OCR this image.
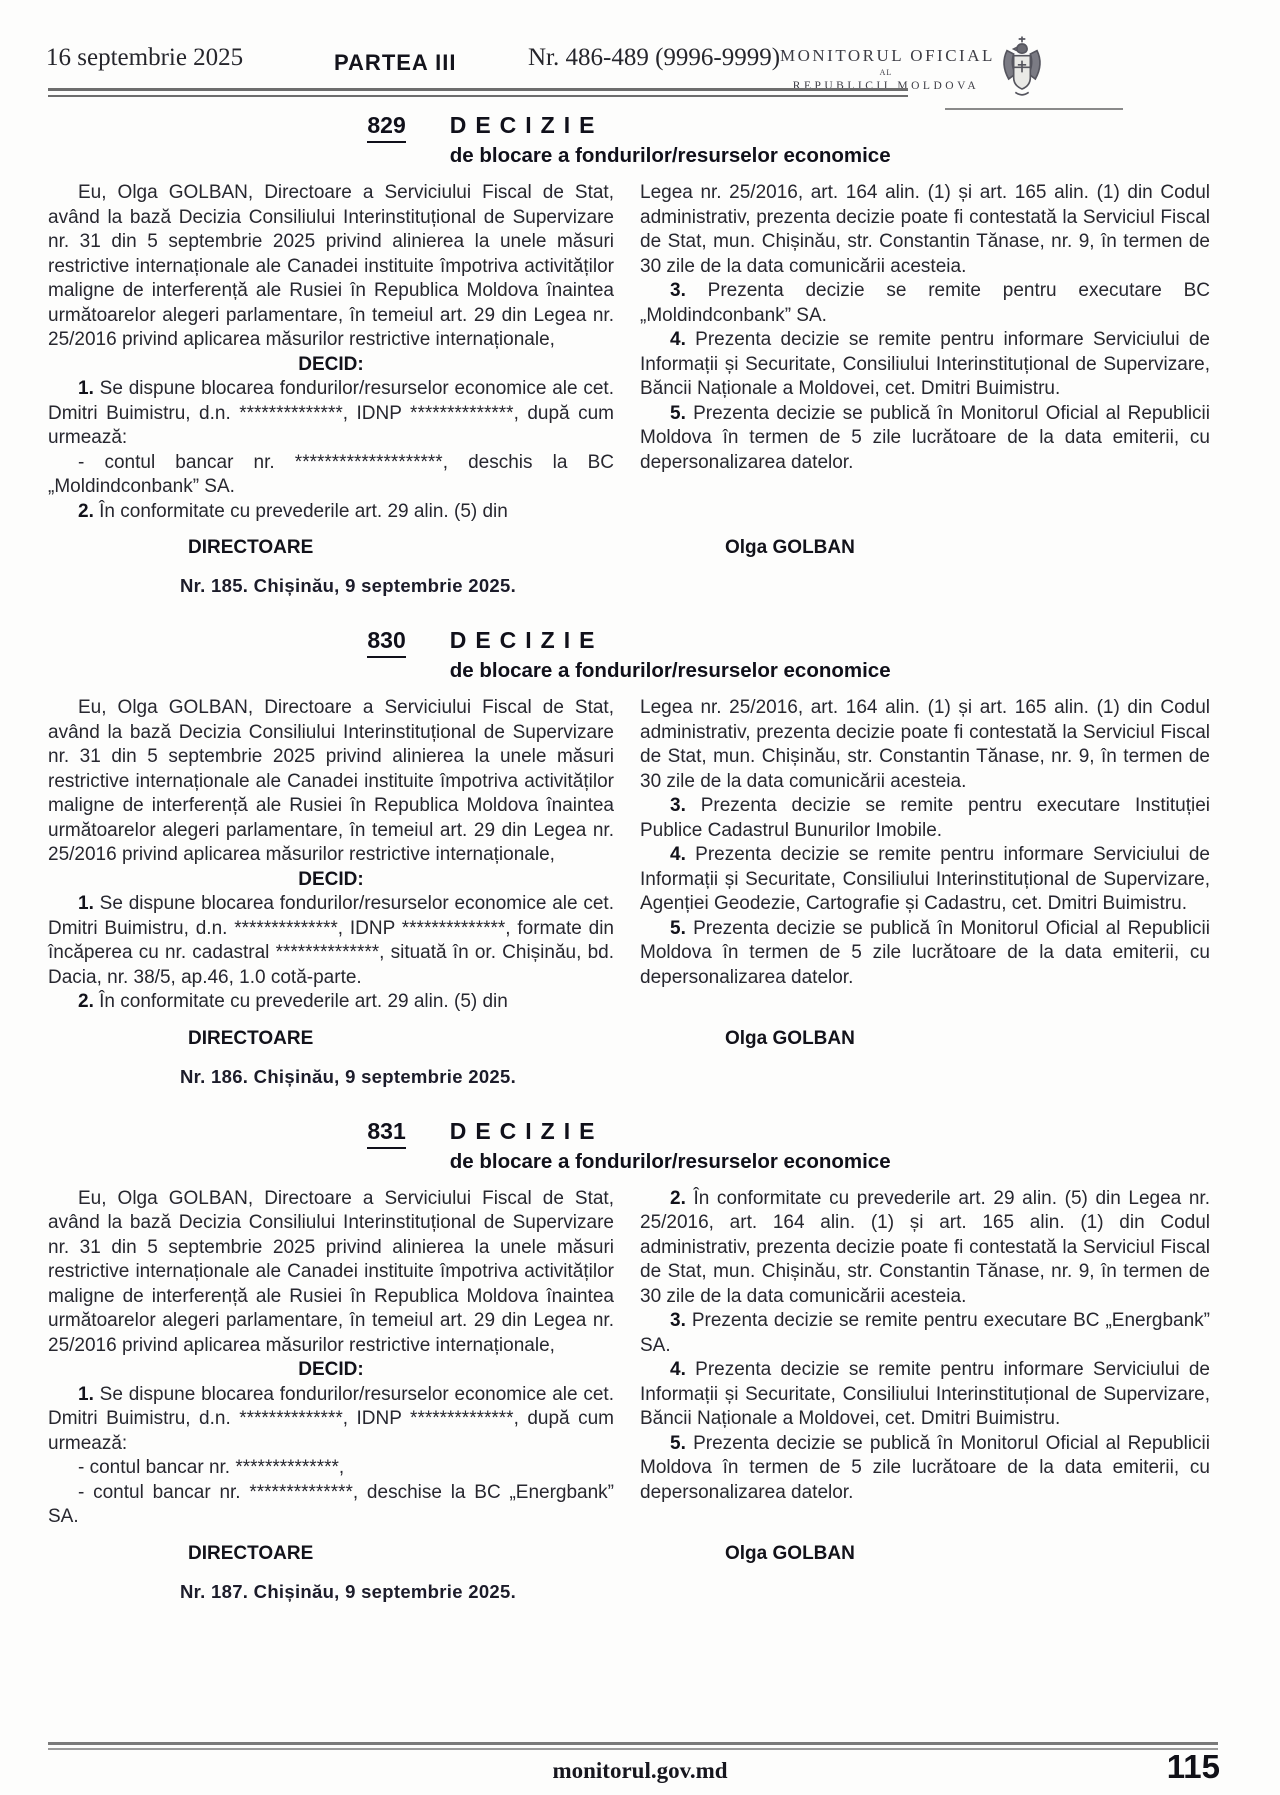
16 septembrie 2025	PARTEA III	Nr. 486-489 (9996-9999) MONITORUL OFICIAL
AL
REPUBLICII MOLDOVA
829 DECIZIE
de blocare a fondurilor/resurselor economice

Eu, Olga GOLBAN, Directoare a Serviciului Fiscal de Stat, având la bază Decizia Consiliului Interinstituțional de Supervizare nr. 31 din 5 septembrie 2025 privind alinierea la unele măsuri restrictive internaționale ale Canadei instituite împotriva activităților maligne de interferență ale Rusiei în Republica Moldova înaintea următoarelor alegeri parlamentare, în temeiul art. 29 din Legea nr. 25/2016 privind aplicarea măsurilor restrictive internaționale,

DECID:

1. Se dispune blocarea fondurilor/resurselor economice ale cet. Dmitri Buimistru, d.n. **************, IDNP **************, după cum urmează:

- contul bancar nr. ********************, deschis la BC „Moldindconbank” SA.

2. În conformitate cu prevederile art. 29 alin. (5) din

Legea nr. 25/2016, art. 164 alin. (1) și art. 165 alin. (1) din Codul administrativ, prezenta decizie poate fi contestată la Serviciul Fiscal de Stat, mun. Chișinău, str. Constantin Tănase, nr. 9, în termen de 30 zile de la data comunicării acesteia.

3. Prezenta decizie se remite pentru executare BC „Moldindconbank” SA.

4. Prezenta decizie se remite pentru informare Serviciului de Informații și Securitate, Consiliului Interinstituțional de Supervizare, Băncii Naționale a Moldovei, cet. Dmitri Buimistru.

5. Prezenta decizie se publică în Monitorul Oficial al Republicii Moldova în termen de 5 zile lucrătoare de la data emiterii, cu depersonalizarea datelor.

DIRECTOARE	Olga GOLBAN
Nr. 185. Chișinău, 9 septembrie 2025.
830 DECIZIE
de blocare a fondurilor/resurselor economice

Eu, Olga GOLBAN, Directoare a Serviciului Fiscal de Stat, având la bază Decizia Consiliului Interinstituțional de Supervizare nr. 31 din 5 septembrie 2025 privind alinierea la unele măsuri restrictive internaționale ale Canadei instituite împotriva activităților maligne de interferență ale Rusiei în Republica Moldova înaintea următoarelor alegeri parlamentare, în temeiul art. 29 din Legea nr. 25/2016 privind aplicarea măsurilor restrictive internaționale,

DECID:

1. Se dispune blocarea fondurilor/resurselor economice ale cet. Dmitri Buimistru, d.n. **************, IDNP **************, formate din încăperea cu nr. cadastral **************, situată în or. Chișinău, bd. Dacia, nr. 38/5, ap.46, 1.0 cotă-parte.

2. În conformitate cu prevederile art. 29 alin. (5) din

Legea nr. 25/2016, art. 164 alin. (1) și art. 165 alin. (1) din Codul administrativ, prezenta decizie poate fi contestată la Serviciul Fiscal de Stat, mun. Chișinău, str. Constantin Tănase, nr. 9, în termen de 30 zile de la data comunicării acesteia.

3. Prezenta decizie se remite pentru executare Instituției Publice Cadastrul Bunurilor Imobile.

4. Prezenta decizie se remite pentru informare Serviciului de Informații și Securitate, Consiliului Interinstituțional de Supervizare, Agenției Geodezie, Cartografie și Cadastru, cet. Dmitri Buimistru.

5. Prezenta decizie se publică în Monitorul Oficial al Republicii Moldova în termen de 5 zile lucrătoare de la data emiterii, cu depersonalizarea datelor.

DIRECTOARE	Olga GOLBAN
Nr. 186. Chișinău, 9 septembrie 2025.
831 DECIZIE
de blocare a fondurilor/resurselor economice

Eu, Olga GOLBAN, Directoare a Serviciului Fiscal de Stat, având la bază Decizia Consiliului Interinstituțional de Supervizare nr. 31 din 5 septembrie 2025 privind alinierea la unele măsuri restrictive internaționale ale Canadei instituite împotriva activităților maligne de interferență ale Rusiei în Republica Moldova înaintea următoarelor alegeri parlamentare, în temeiul art. 29 din Legea nr. 25/2016 privind aplicarea măsurilor restrictive internaționale,

DECID:

1. Se dispune blocarea fondurilor/resurselor economice ale cet. Dmitri Buimistru, d.n. **************, IDNP **************, după cum urmează:

- contul bancar nr. **************,

- contul bancar nr. **************, deschise la BC „Energbank” SA.

2. În conformitate cu prevederile art. 29 alin. (5) din Legea nr. 25/2016, art. 164 alin. (1) și art. 165 alin. (1) din Codul administrativ, prezenta decizie poate fi contestată la Serviciul Fiscal de Stat, mun. Chișinău, str. Constantin Tănase, nr. 9, în termen de 30 zile de la data comunicării acesteia.

3. Prezenta decizie se remite pentru executare BC „Energbank” SA.

4. Prezenta decizie se remite pentru informare Serviciului de Informații și Securitate, Consiliului Interinstituțional de Supervizare, Băncii Naționale a Moldovei, cet. Dmitri Buimistru.

5. Prezenta decizie se publică în Monitorul Oficial al Republicii Moldova în termen de 5 zile lucrătoare de la data emiterii, cu depersonalizarea datelor.

DIRECTOARE	Olga GOLBAN
Nr. 187. Chișinău, 9 septembrie 2025.
monitorul.gov.md	115
